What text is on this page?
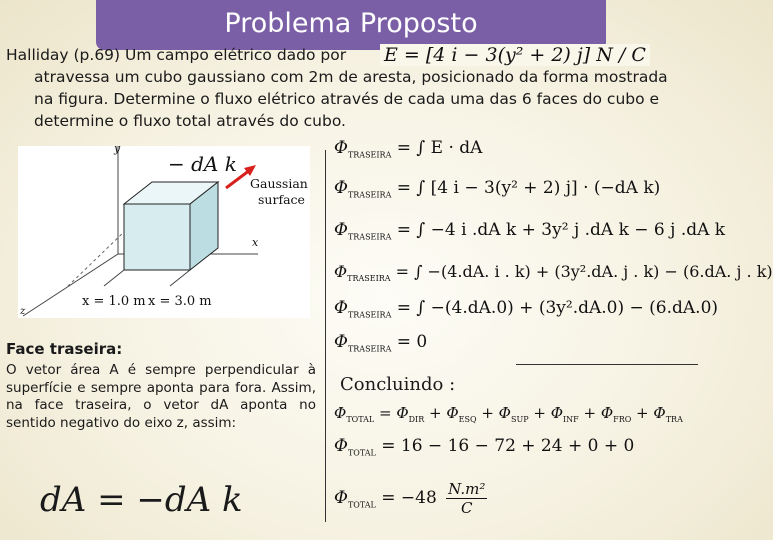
Problema Proposto
Halliday (p.69) Um campo elétrico dado por
atravessa um cubo gaussiano com 2m de aresta, posicionado da forma mostrada
na figura. Determine o fluxo elétrico através de cada uma das 6 faces do cubo e
determine o fluxo total através do cubo.
E = [4 i − 3(y² + 2) j] N / C
− dA k
y
Gaussian
surface
x
x = 1.0 m x = 3.0 m
z
Face traseira:
O vetor área A é sempre perpendicular à superfície e sempre aponta para fora. Assim, na face traseira, o vetor dA aponta no sentido negativo do eixo z, assim:
dA = −dA k
$\Phi_{TRASEIRA}$ = ∫ E · dA
$\Phi_{TRASEIRA}$ = ∫ [4 i − 3(y² + 2) j] · (−dA k)
$\Phi_{TRASEIRA}$ = ∫ −4 i .dA k + 3y² j .dA k − 6 j .dA k
$\Phi_{TRASEIRA}$ = ∫ −(4.dA. i . k) + (3y².dA. j . k) − (6.dA. j . k)
$\Phi_{TRASEIRA}$ = ∫ −(4.dA.0) + (3y².dA.0) − (6.dA.0)
$\Phi_{TRASEIRA} = 0$
Concluindo :
$\Phi_{TOTAL} = \Phi_{DIR} + \Phi_{ESQ} + \Phi_{SUP} + \Phi_{INF} + \Phi_{FRO} + \Phi_{TRA}$
$\Phi_{TOTAL} = 16 - 16 - 72 + 24 + 0 + 0$
$\Phi_{TOTAL} = -48 \frac{\text{N.m²}}{C}$
